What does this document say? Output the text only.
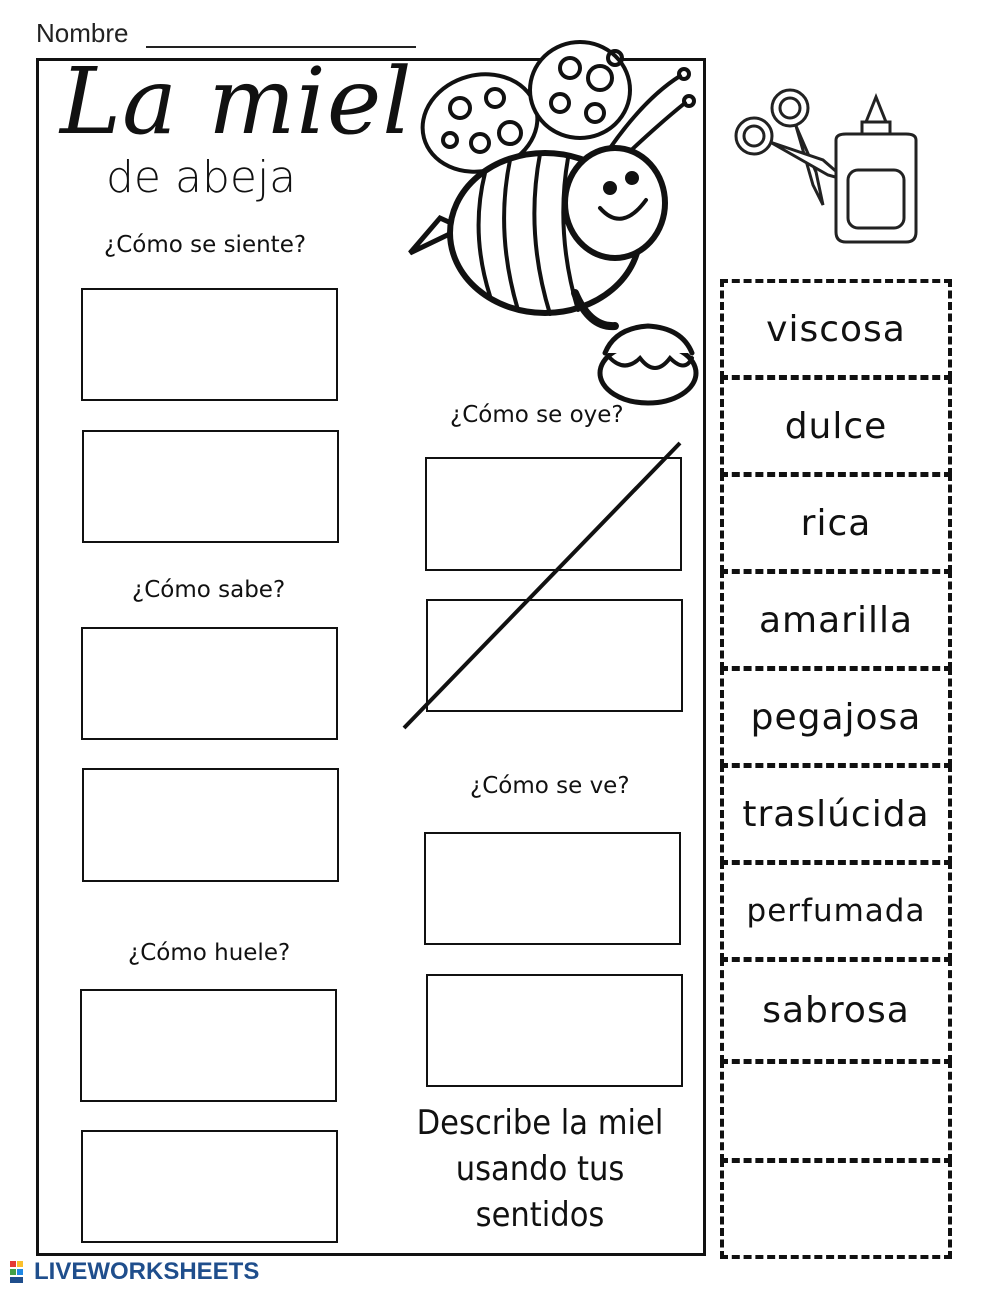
Nombre
La miel
de abeja
¿Cómo se siente?
¿Cómo se oye?
¿Cómo sabe?
¿Cómo se ve?
¿Cómo huele?
Describe la miel
usando tus
sentidos
viscosa
dulce
rica
amarilla
pegajosa
traslúcida
perfumada
sabrosa
LIVEWORKSHEETS
